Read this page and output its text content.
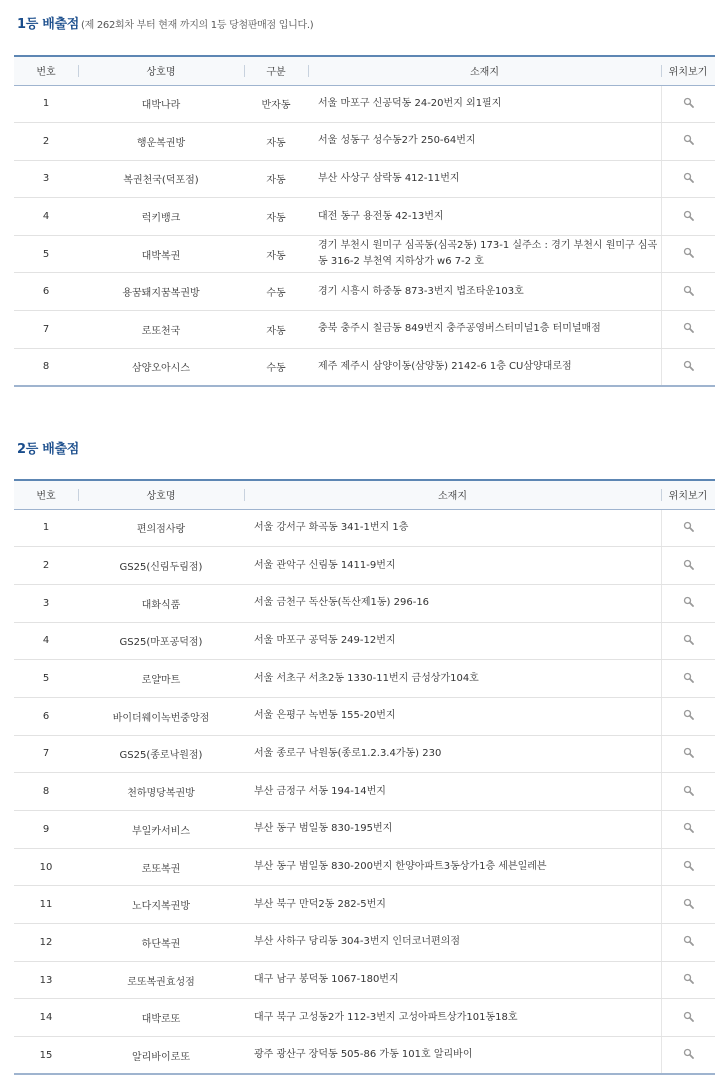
1등 배출점 (제 262회차 부터 현재 까지의 1등 당첨판매점 입니다.)
번호	상호명	구분	소재지	위치보기
1	대박나라	반자동	서울 마포구 신공덕동 24-20번지 외1필지	
2	행운복권방	자동	서울 성동구 성수동2가 250-64번지	
3	복권천국(덕포점)	자동	부산 사상구 삼락동 412-11번지	
4	럭키뱅크	자동	대전 동구 용전동 42-13번지	
5	대박복권	자동	경기 부천시 원미구 심곡동(심곡2동) 173-1 실주소 : 경기 부천시 원미구 심곡동 316-2 부천역 지하상가 w6 7-2 호	
6	용꿈돼지꿈복권방	수동	경기 시흥시 하중동 873-3번지 법조타운103호	
7	로또천국	자동	충북 충주시 칠금동 849번지 충주공영버스터미널1층 터미널매점	
8	삼양오아시스	수동	제주 제주시 삼양이동(삼양동) 2142-6 1층 CU삼양대로점	
2등 배출점
번호	상호명	소재지	위치보기
1	편의점사랑	서울 강서구 화곡동 341-1번지 1층	
2	GS25(신림두림점)	서울 관악구 신림동 1411-9번지	
3	대화식품	서울 금천구 독산동(독산제1동) 296-16	
4	GS25(마포공덕점)	서울 마포구 공덕동 249-12번지	
5	로얄마트	서울 서초구 서초2동 1330-11번지 금성상가104호	
6	바이더웨이녹번중앙점	서울 은평구 녹번동 155-20번지	
7	GS25(종로낙원점)	서울 종로구 낙원동(종로1.2.3.4가동) 230	
8	천하명당복권방	부산 금정구 서동 194-14번지	
9	부일카서비스	부산 동구 범일동 830-195번지	
10	로또복권	부산 동구 범일동 830-200번지 한양아파트3동상가1층 세븐일레븐	
11	노다지복권방	부산 북구 만덕2동 282-5번지	
12	하단복권	부산 사하구 당리동 304-3번지 인더코너편의점	
13	로또복권효성점	대구 남구 봉덕동 1067-180번지	
14	대박로또	대구 북구 고성동2가 112-3번지 고성아파트상가101동18호	
15	알리바이로또	광주 광산구 장덕동 505-86 가동 101호 알리바이	
